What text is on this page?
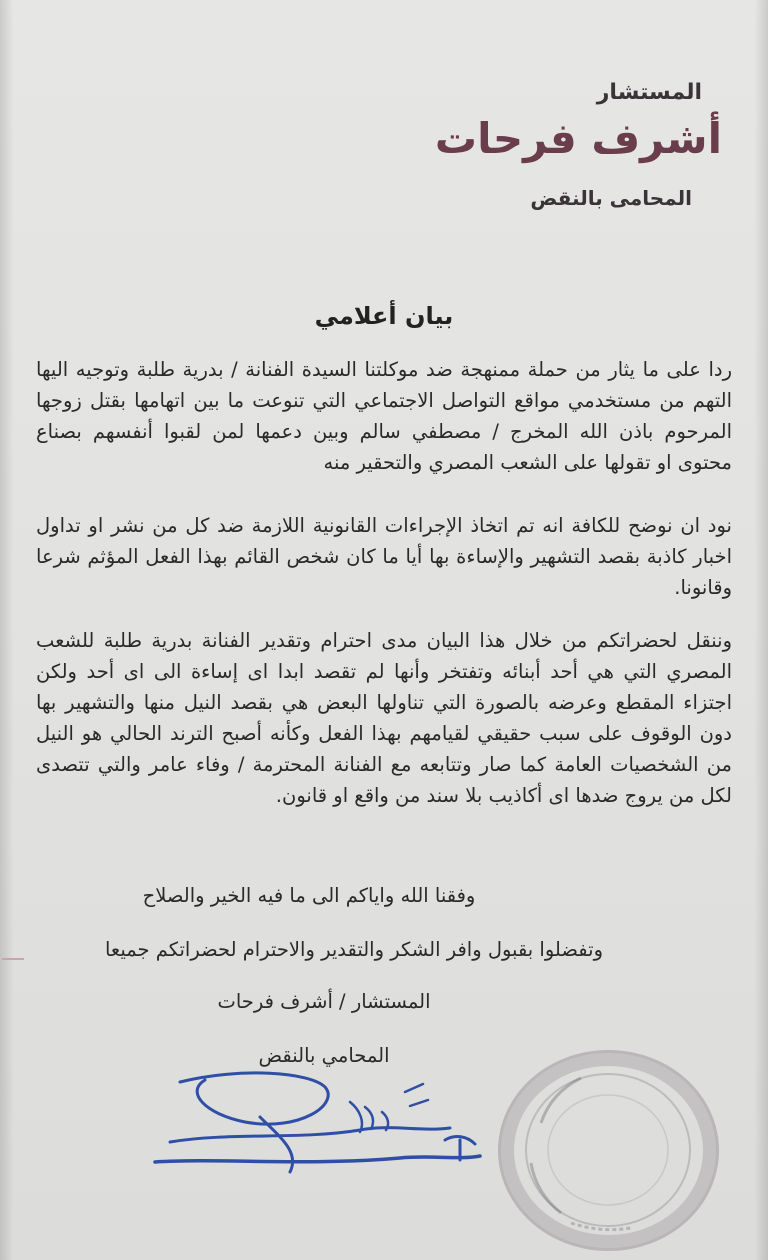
المستشار
أشرف فرحات
المحامى بالنقض
بيان أعلامي
ردا على ما يثار من حملة ممنهجة ضد موكلتنا السيدة الفنانة / بدرية طلبة وتوجيه اليها التهم من مستخدمي مواقع التواصل الاجتماعي التي تنوعت ما بين اتهامها بقتل زوجها المرحوم باذن الله المخرج / مصطفي سالم وبين دعمها لمن لقبوا أنفسهم بصناع محتوى او تقولها على الشعب المصري والتحقير منه
نود ان نوضح للكافة انه تم اتخاذ الإجراءات القانونية اللازمة ضد كل من نشر او تداول اخبار كاذبة بقصد التشهير والإساءة بها أيا ما كان شخص القائم بهذا الفعل المؤثم شرعا وقانونا.
وننقل لحضراتكم من خلال هذا البيان مدى احترام وتقدير الفنانة بدرية طلبة للشعب المصري التي هي أحد أبنائه وتفتخر وأنها لم تقصد ابدا اى إساءة الى اى أحد ولكن اجتزاء المقطع وعرضه بالصورة التي تناولها البعض هي بقصد النيل منها والتشهير بها دون الوقوف على سبب حقيقي لقيامهم بهذا الفعل وكأنه أصبح الترند الحالي هو النيل من الشخصيات العامة كما صار وتتابعه مع الفنانة المحترمة / وفاء عامر والتي تتصدى لكل من يروج ضدها اى أكاذيب بلا سند من واقع او قانون.
وفقنا الله واياكم الى ما فيه الخير والصلاح
وتفضلوا بقبول وافر الشكر والتقدير والاحترام لحضراتكم جميعا
المستشار / أشرف فرحات
المحامي بالنقض
